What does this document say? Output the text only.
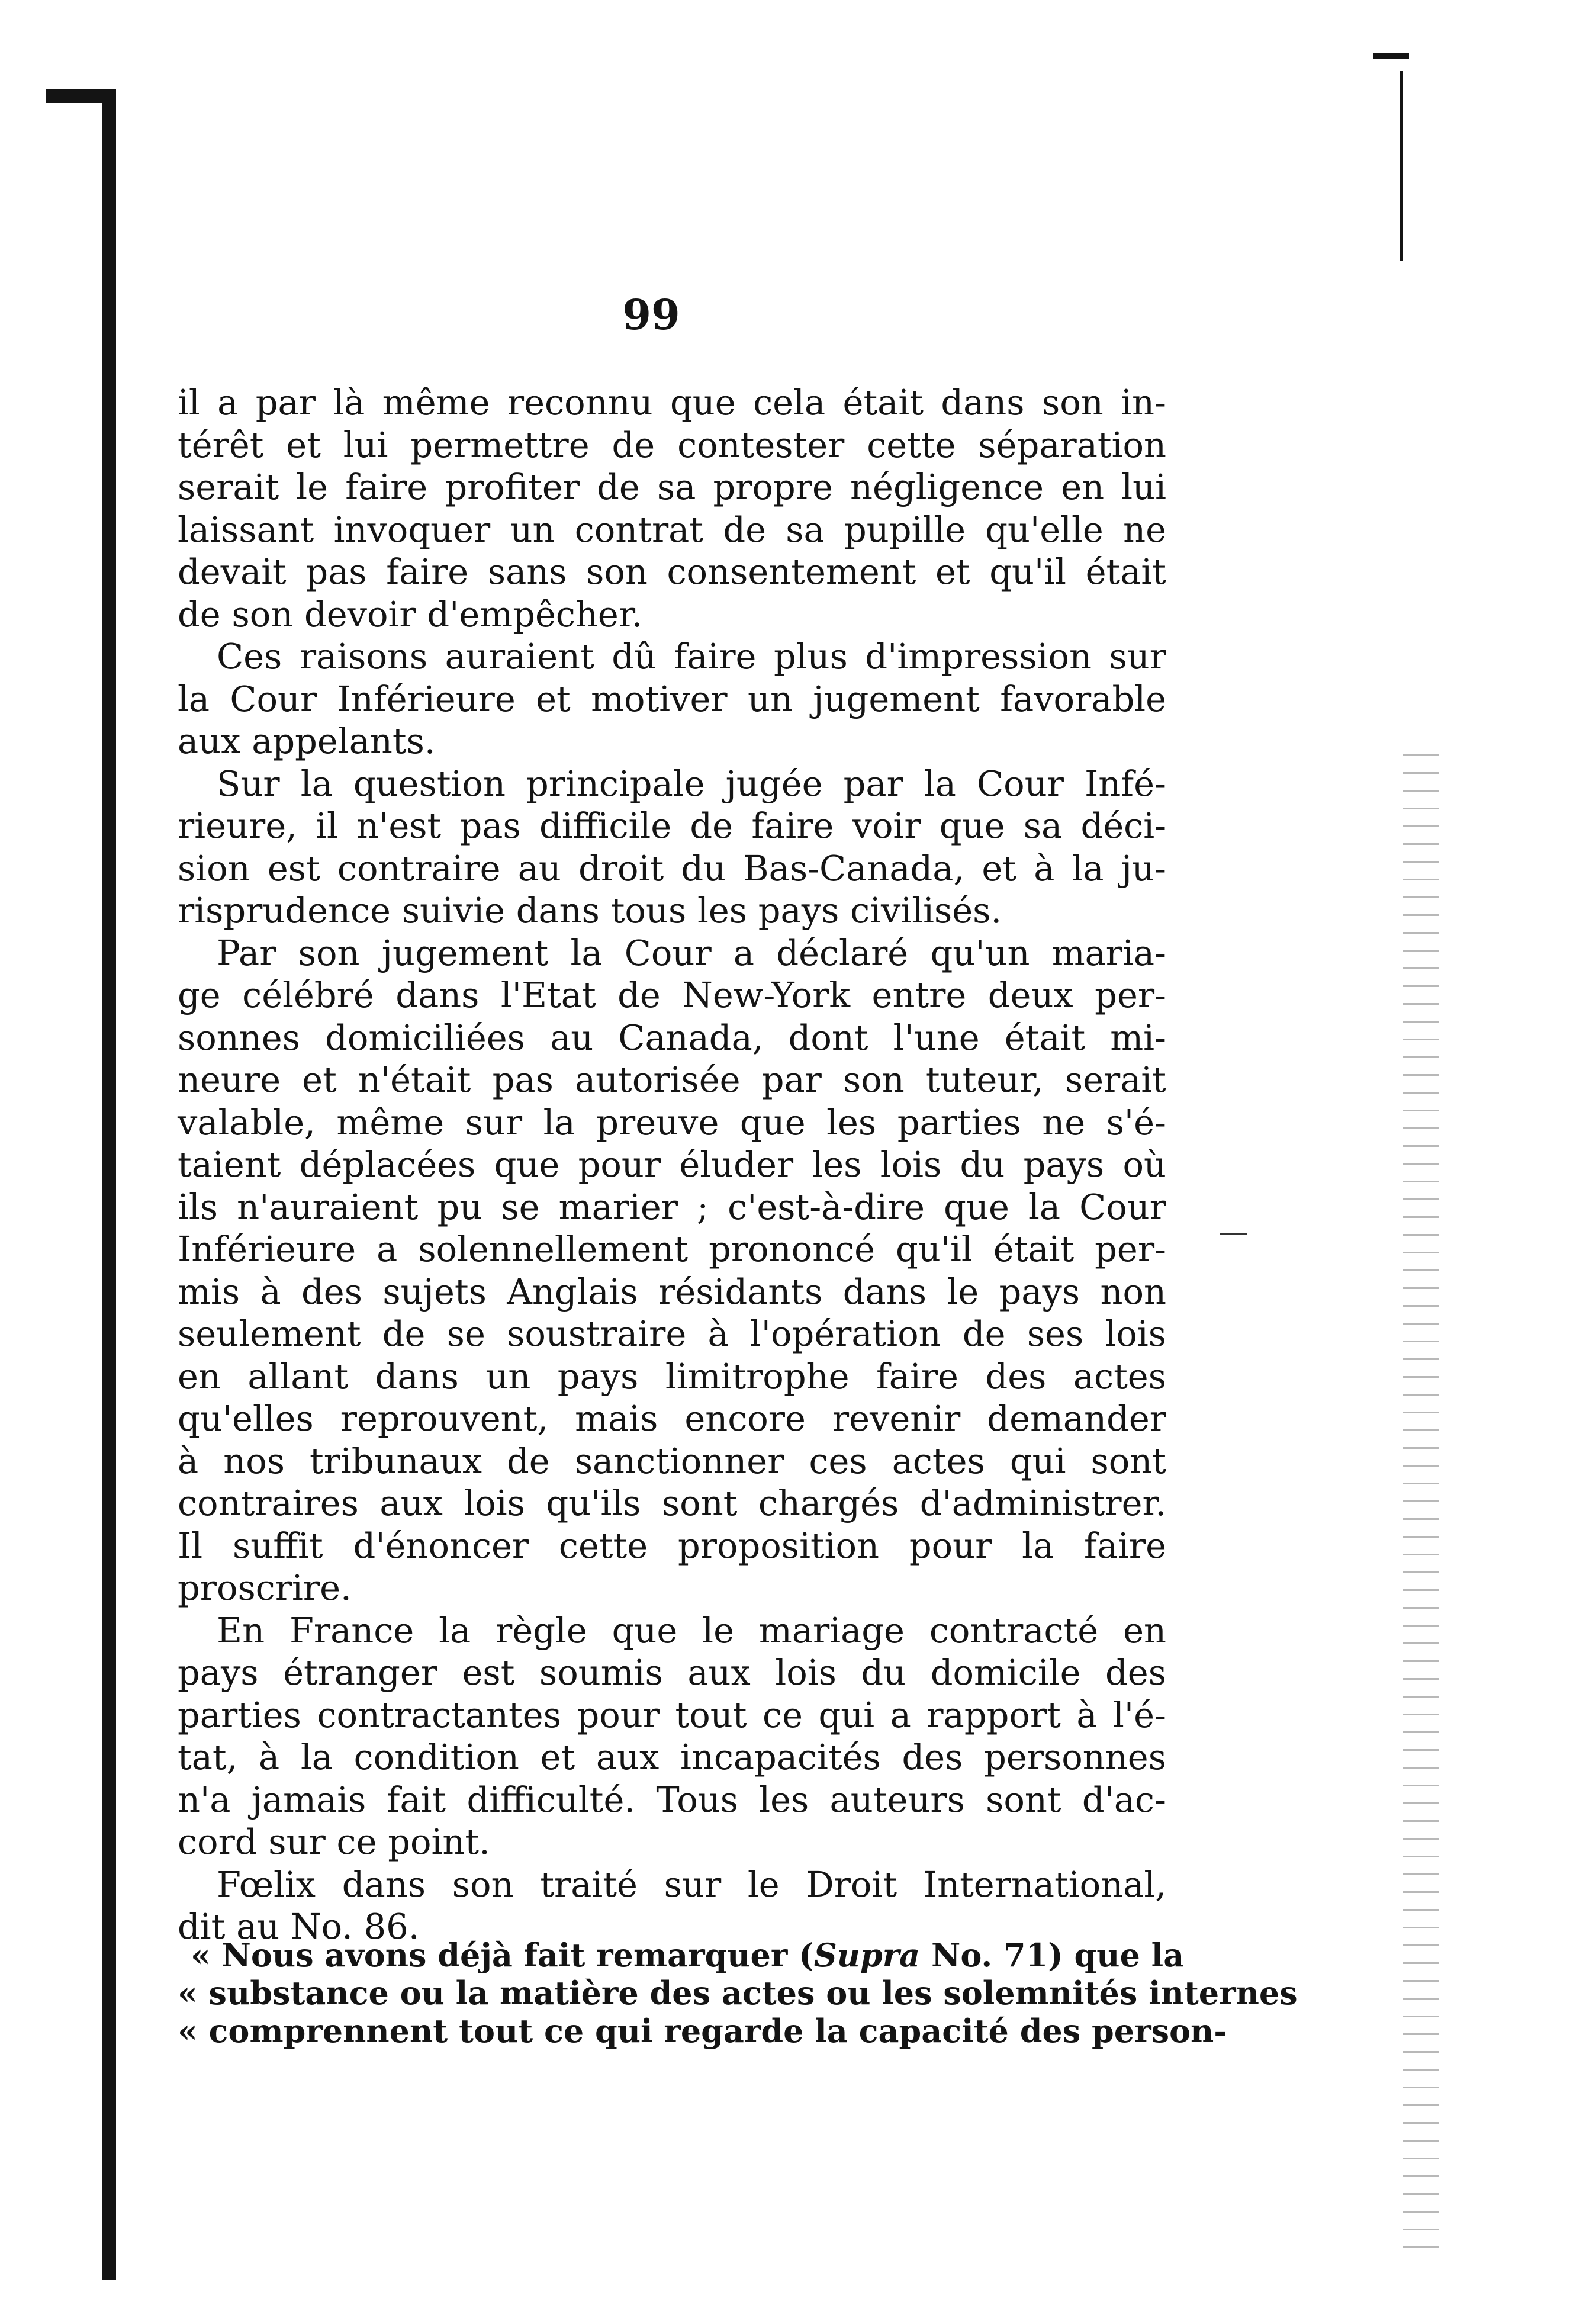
99
il a par là même reconnu que cela était dans son in-
térêt et lui permettre de contester cette séparation
serait le faire profiter de sa propre négligence en lui
laissant invoquer un contrat de sa pupille qu'elle ne
devait pas faire sans son consentement et qu'il était
de son devoir d'empêcher.
Ces raisons auraient dû faire plus d'impression sur
la Cour Inférieure et motiver un jugement favorable
aux appelants.
Sur la question principale jugée par la Cour Infé-
rieure, il n'est pas difficile de faire voir que sa déci-
sion est contraire au droit du Bas-Canada, et à la ju-
risprudence suivie dans tous les pays civilisés.
Par son jugement la Cour a déclaré qu'un maria-
ge célébré dans l'Etat de New-York entre deux per-
sonnes domiciliées au Canada, dont l'une était mi-
neure et n'était pas autorisée par son tuteur, serait
valable, même sur la preuve que les parties ne s'é-
taient déplacées que pour éluder les lois du pays où
ils n'auraient pu se marier ; c'est-à-dire que la Cour
Inférieure a solennellement prononcé qu'il était per-
mis à des sujets Anglais résidants dans le pays non
seulement de se soustraire à l'opération de ses lois
en allant dans un pays limitrophe faire des actes
qu'elles reprouvent, mais encore revenir demander
à nos tribunaux de sanctionner ces actes qui sont
contraires aux lois qu'ils sont chargés d'administrer.
Il suffit d'énoncer cette proposition pour la faire
proscrire.
En France la règle que le mariage contracté en
pays étranger est soumis aux lois du domicile des
parties contractantes pour tout ce qui a rapport à l'é-
tat, à la condition et aux incapacités des personnes
n'a jamais fait difficulté. Tous les auteurs sont d'ac-
cord sur ce point.
Fœlix dans son traité sur le Droit International,
dit au No. 86.
« Nous avons déjà fait remarquer (Supra No. 71) que la
« substance ou la matière des actes ou les solemnités internes
« comprennent tout ce qui regarde la capacité des person-
